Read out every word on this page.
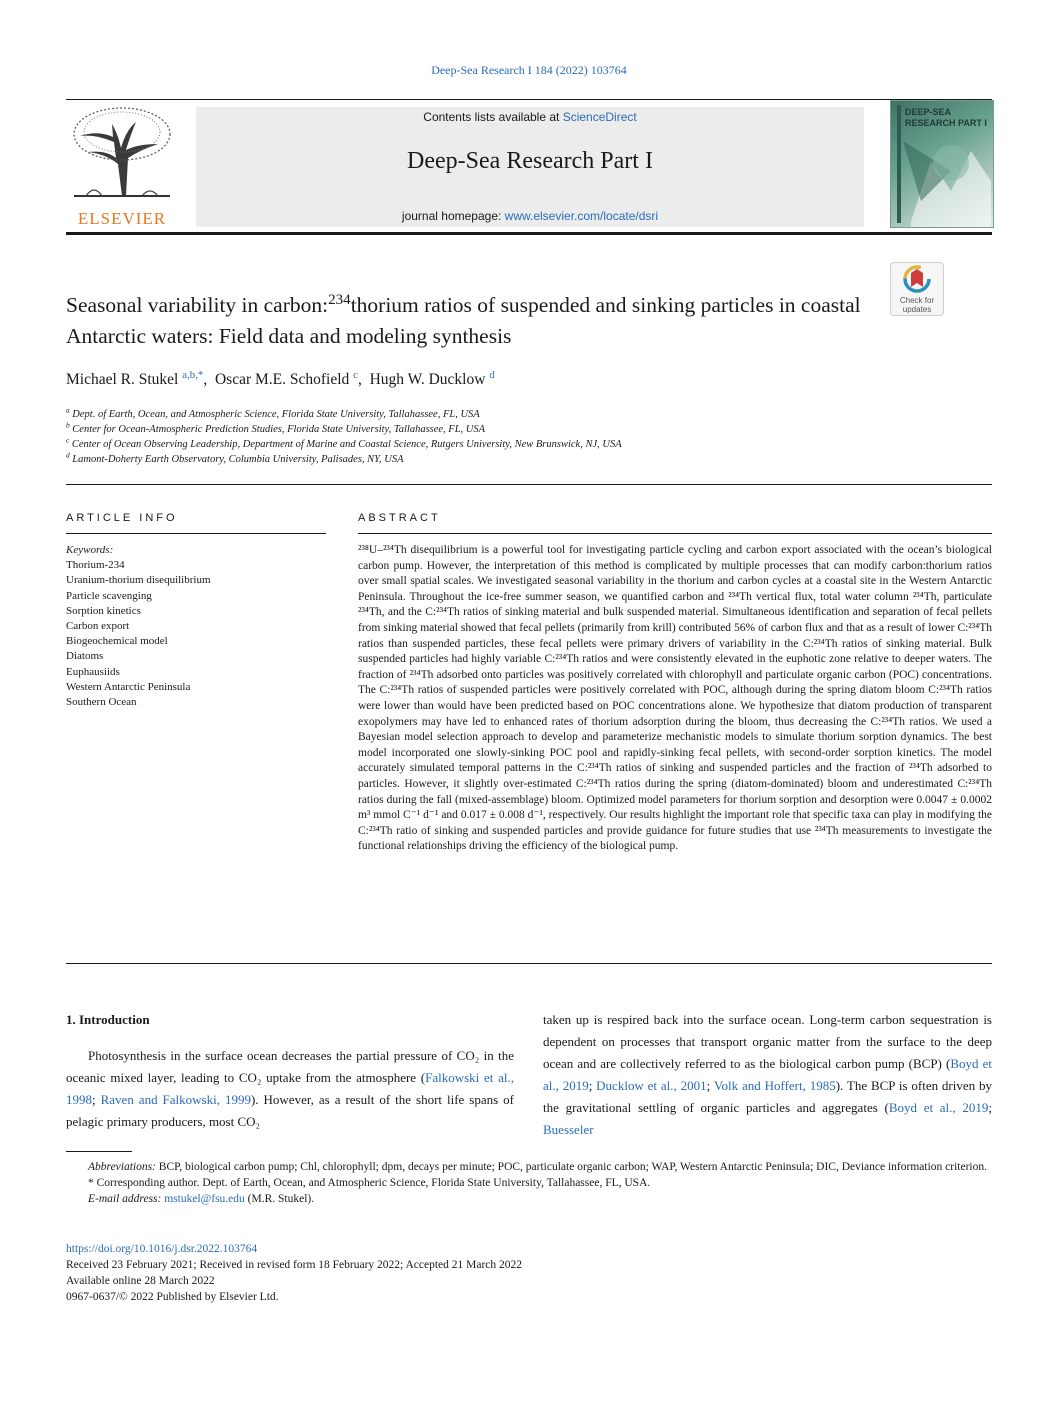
Deep-Sea Research I 184 (2022) 103764
ELSEVIER
Contents lists available at ScienceDirect
Deep-Sea Research Part I
journal homepage: www.elsevier.com/locate/dsri
DEEP-SEA RESEARCH PART I
Check for updates
Seasonal variability in carbon:$^{234}$thorium ratios of suspended and sinking particles in coastal Antarctic waters: Field data and modeling synthesis
Michael R. Stukel $^{a,b,*}$,  Oscar M.E. Schofield $^c$,  Hugh W. Ducklow $^d$
$^a$ Dept. of Earth, Ocean, and Atmospheric Science, Florida State University, Tallahassee, FL, USA
$^b$ Center for Ocean-Atmospheric Prediction Studies, Florida State University, Tallahassee, FL, USA
$^c$ Center of Ocean Observing Leadership, Department of Marine and Coastal Science, Rutgers University, New Brunswick, NJ, USA
$^d$ Lamont-Doherty Earth Observatory, Columbia University, Palisades, NY, USA
ARTICLE INFO	ABSTRACT
Keywords:
Thorium-234
Uranium-thorium disequilibrium
Particle scavenging
Sorption kinetics
Carbon export
Biogeochemical model
Diatoms
Euphausiids
Western Antarctic Peninsula
Southern Ocean
²³⁸U–²³⁴Th disequilibrium is a powerful tool for investigating particle cycling and carbon export associated with the ocean’s biological carbon pump. However, the interpretation of this method is complicated by multiple processes that can modify carbon:thorium ratios over small spatial scales. We investigated seasonal variability in the thorium and carbon cycles at a coastal site in the Western Antarctic Peninsula. Throughout the ice-free summer season, we quantified carbon and ²³⁴Th vertical flux, total water column ²³⁴Th, particulate ²³⁴Th, and the C:²³⁴Th ratios of sinking material and bulk suspended material. Simultaneous identification and separation of fecal pellets from sinking material showed that fecal pellets (primarily from krill) contributed 56% of carbon flux and that as a result of lower C:²³⁴Th ratios than suspended particles, these fecal pellets were primary drivers of variability in the C:²³⁴Th ratios of sinking material. Bulk suspended particles had highly variable C:²³⁴Th ratios and were consistently elevated in the euphotic zone relative to deeper waters. The fraction of ²³⁴Th adsorbed onto particles was positively correlated with chlorophyll and particulate organic carbon (POC) concentrations. The C:²³⁴Th ratios of suspended particles were positively correlated with POC, although during the spring diatom bloom C:²³⁴Th ratios were lower than would have been predicted based on POC concentrations alone. We hypothesize that diatom production of transparent exopolymers may have led to enhanced rates of thorium adsorption during the bloom, thus decreasing the C:²³⁴Th ratios. We used a Bayesian model selection approach to develop and parameterize mechanistic models to simulate thorium sorption dynamics. The best model incorporated one slowly-sinking POC pool and rapidly-sinking fecal pellets, with second-order sorption kinetics. The model accurately simulated temporal patterns in the C:²³⁴Th ratios of sinking and suspended particles and the fraction of ²³⁴Th adsorbed to particles. However, it slightly over-estimated C:²³⁴Th ratios during the spring (diatom-dominated) bloom and underestimated C:²³⁴Th ratios during the fall (mixed-assemblage) bloom. Optimized model parameters for thorium sorption and desorption were 0.0047 ± 0.0002 m³ mmol C⁻¹ d⁻¹ and 0.017 ± 0.008 d⁻¹, respectively. Our results highlight the important role that specific taxa can play in modifying the C:²³⁴Th ratio of sinking and suspended particles and provide guidance for future studies that use ²³⁴Th measurements to investigate the functional relationships driving the efficiency of the biological pump.
1. Introduction
Photosynthesis in the surface ocean decreases the partial pressure of CO₂ in the oceanic mixed layer, leading to CO₂ uptake from the atmosphere (Falkowski et al., 1998; Raven and Falkowski, 1999). However, as a result of the short life spans of pelagic primary producers, most CO₂
taken up is respired back into the surface ocean. Long-term carbon sequestration is dependent on processes that transport organic matter from the surface to the deep ocean and are collectively referred to as the biological carbon pump (BCP) (Boyd et al., 2019; Ducklow et al., 2001; Volk and Hoffert, 1985). The BCP is often driven by the gravitational settling of organic particles and aggregates (Boyd et al., 2019; Buesseler
Abbreviations: BCP, biological carbon pump; Chl, chlorophyll; dpm, decays per minute; POC, particulate organic carbon; WAP, Western Antarctic Peninsula; DIC, Deviance information criterion.
* Corresponding author. Dept. of Earth, Ocean, and Atmospheric Science, Florida State University, Tallahassee, FL, USA.
E-mail address: mstukel@fsu.edu (M.R. Stukel).
https://doi.org/10.1016/j.dsr.2022.103764
Received 23 February 2021; Received in revised form 18 February 2022; Accepted 21 March 2022
Available online 28 March 2022
0967-0637/© 2022 Published by Elsevier Ltd.
